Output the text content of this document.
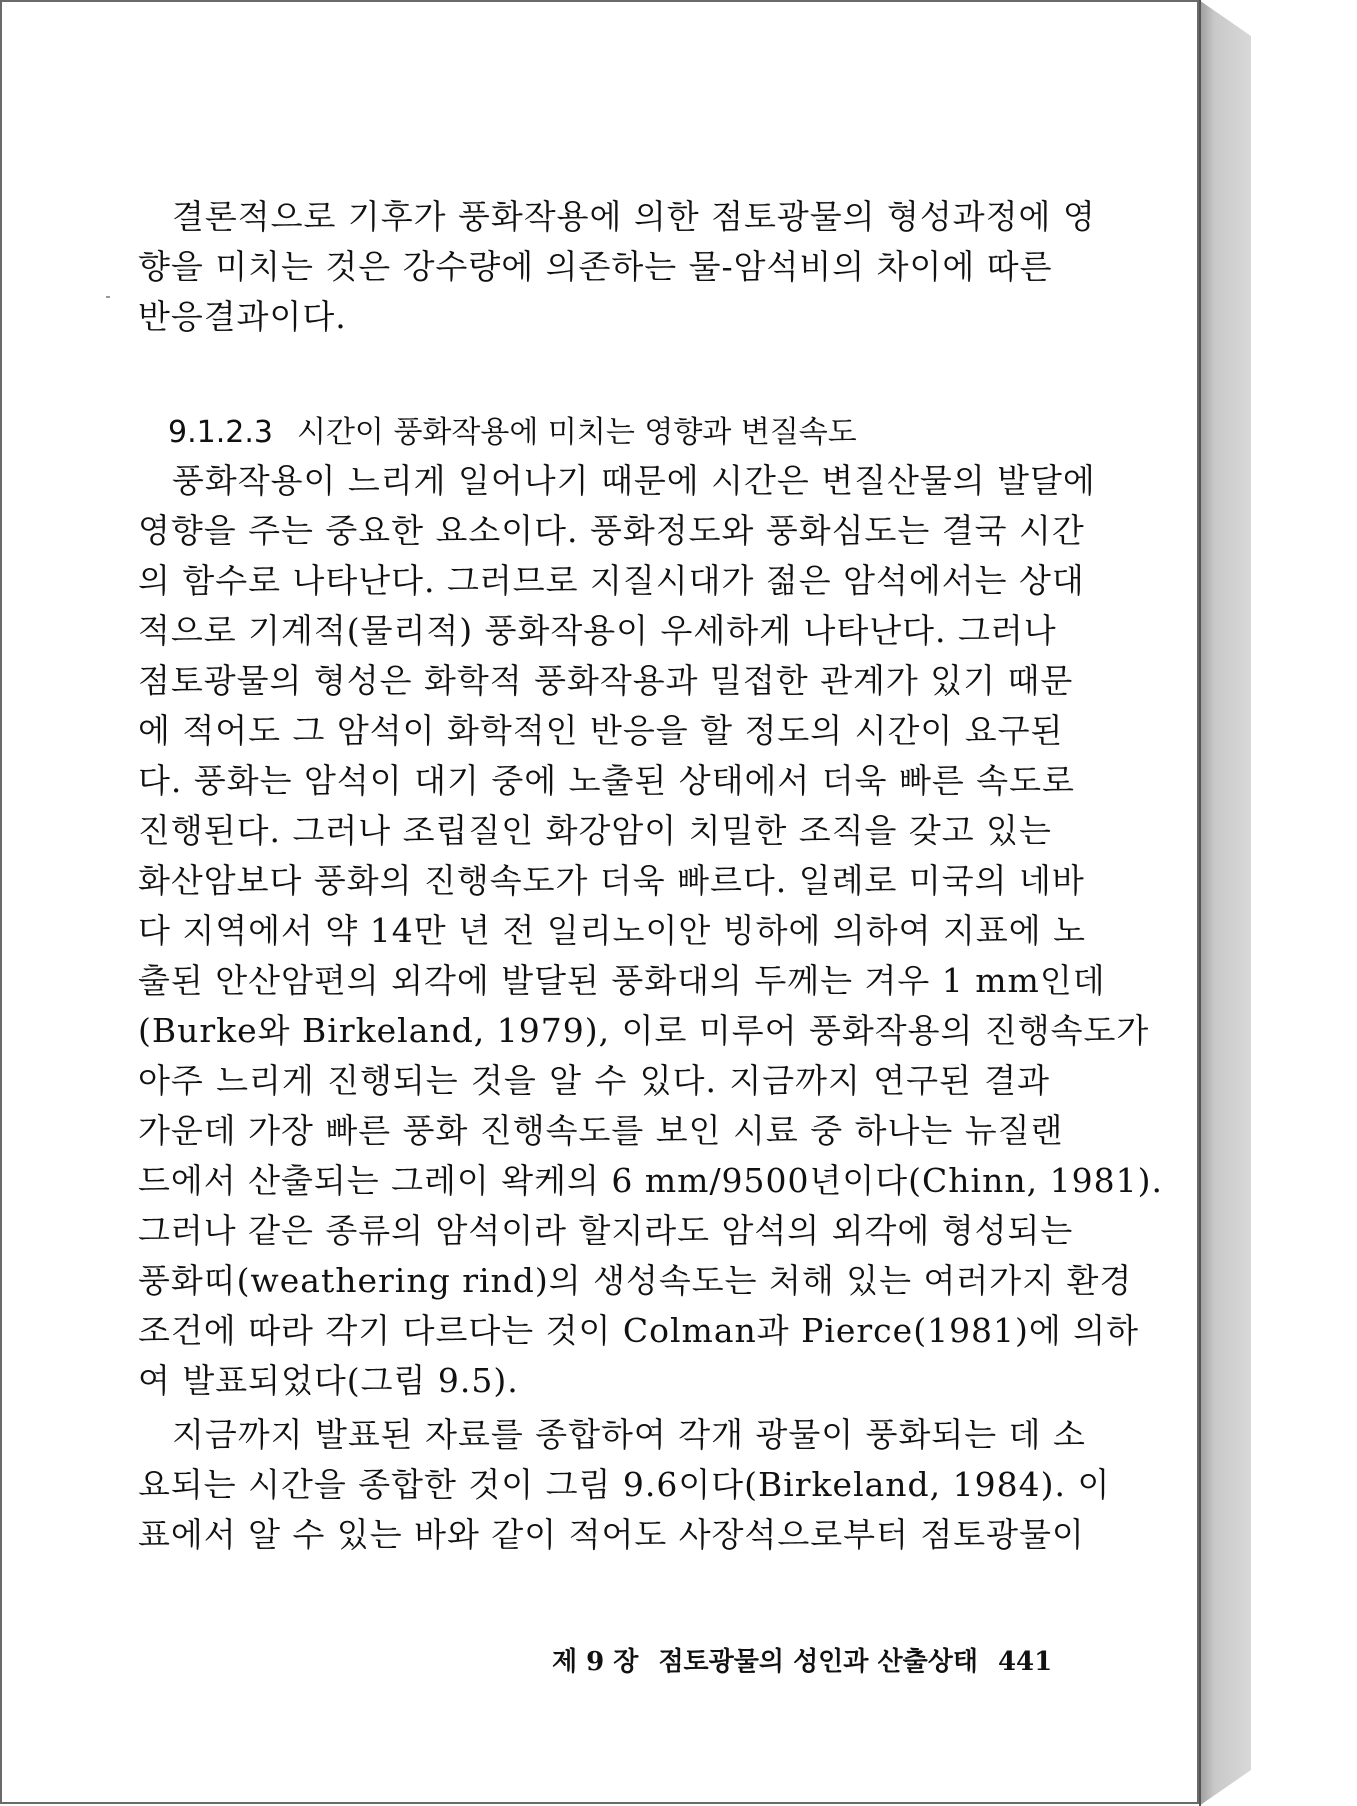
결론적으로 기후가 풍화작용에 의한 점토광물의 형성과정에 영
향을 미치는 것은 강수량에 의존하는 물-암석비의 차이에 따른
반응결과이다.
9.1.2.3 시간이 풍화작용에 미치는 영향과 변질속도
풍화작용이 느리게 일어나기 때문에 시간은 변질산물의 발달에
영향을 주는 중요한 요소이다. 풍화정도와 풍화심도는 결국 시간
의 함수로 나타난다. 그러므로 지질시대가 젊은 암석에서는 상대
적으로 기계적(물리적) 풍화작용이 우세하게 나타난다. 그러나
점토광물의 형성은 화학적 풍화작용과 밀접한 관계가 있기 때문
에 적어도 그 암석이 화학적인 반응을 할 정도의 시간이 요구된
다. 풍화는 암석이 대기 중에 노출된 상태에서 더욱 빠른 속도로
진행된다. 그러나 조립질인 화강암이 치밀한 조직을 갖고 있는
화산암보다 풍화의 진행속도가 더욱 빠르다. 일례로 미국의 네바
다 지역에서 약 14만 년 전 일리노이안 빙하에 의하여 지표에 노
출된 안산암편의 외각에 발달된 풍화대의 두께는 겨우 1 mm인데
(Burke와 Birkeland, 1979), 이로 미루어 풍화작용의 진행속도가
아주 느리게 진행되는 것을 알 수 있다. 지금까지 연구된 결과
가운데 가장 빠른 풍화 진행속도를 보인 시료 중 하나는 뉴질랜
드에서 산출되는 그레이 왁케의 6 mm/9500년이다(Chinn, 1981).
그러나 같은 종류의 암석이라 할지라도 암석의 외각에 형성되는
풍화띠(weathering rind)의 생성속도는 처해 있는 여러가지 환경
조건에 따라 각기 다르다는 것이 Colman과 Pierce(1981)에 의하
여 발표되었다(그림 9.5).
지금까지 발표된 자료를 종합하여 각개 광물이 풍화되는 데 소
요되는 시간을 종합한 것이 그림 9.6이다(Birkeland, 1984). 이
표에서 알 수 있는 바와 같이 적어도 사장석으로부터 점토광물이
제 9 장 점토광물의 성인과 산출상태 441
